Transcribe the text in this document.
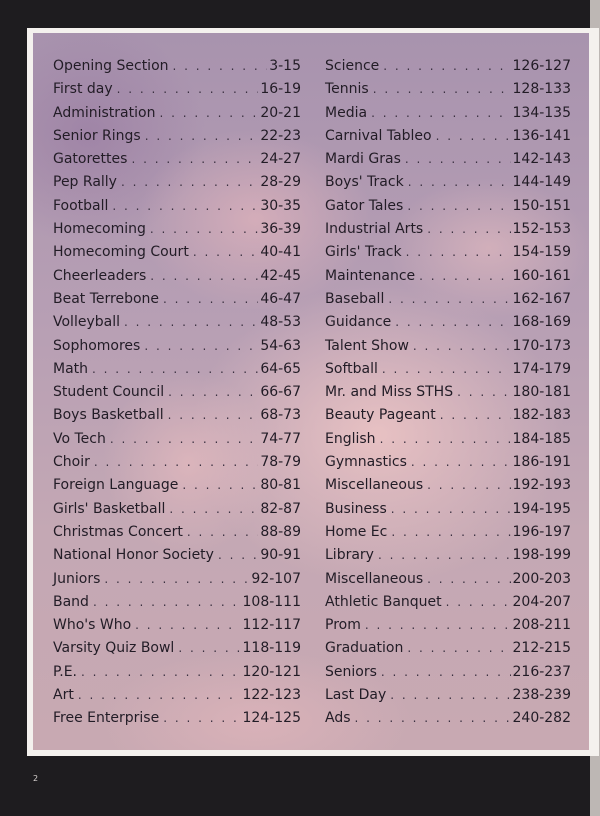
Opening Section . . .	3-15
First day . . .	16-19
Administration . . .	20-21
Senior Rings . . .	22-23
Gatorettes . . .	24-27
Pep Rally . . .	28-29
Football . . .	30-35
Homecoming . . .	36-39
Homecoming Court . . .	40-41
Cheerleaders . . .	42-45
Beat Terrebone . . .	46-47
Volleyball . . .	48-53
Sophomores . . .	54-63
Math . . .	64-65
Student Council . . .	66-67
Boys Basketball . . .	68-73
Vo Tech . . .	74-77
Choir . . .	78-79
Foreign Language . . .	80-81
Girls' Basketball . . .	82-87
Christmas Concert . . .	88-89
National Honor Society . . .	90-91
Juniors . . .	92-107
Band . . .	108-111
Who's Who . . .	112-117
Varsity Quiz Bowl . . .	118-119
P.E. . . .	120-121
Art . . .	122-123
Free Enterprise . . .	124-125
Science . . .	126-127
Tennis . . .	128-133
Media . . .	134-135
Carnival Tableo . . .	136-141
Mardi Gras . . .	142-143
Boys' Track . . .	144-149
Gator Tales . . .	150-151
Industrial Arts . . .	152-153
Girls' Track . . .	154-159
Maintenance . . .	160-161
Baseball . . .	162-167
Guidance . . .	168-169
Talent Show . . .	170-173
Softball . . .	174-179
Mr. and Miss STHS . . .	180-181
Beauty Pageant . . .	182-183
English . . .	184-185
Gymnastics . . .	186-191
Miscellaneous . . .	192-193
Business . . .	194-195
Home Ec . . .	196-197
Library . . .	198-199
Miscellaneous . . .	200-203
Athletic Banquet . . .	204-207
Prom . . .	208-211
Graduation . . .	212-215
Seniors . . .	216-237
Last Day . . .	238-239
Ads . . .	240-282
2
